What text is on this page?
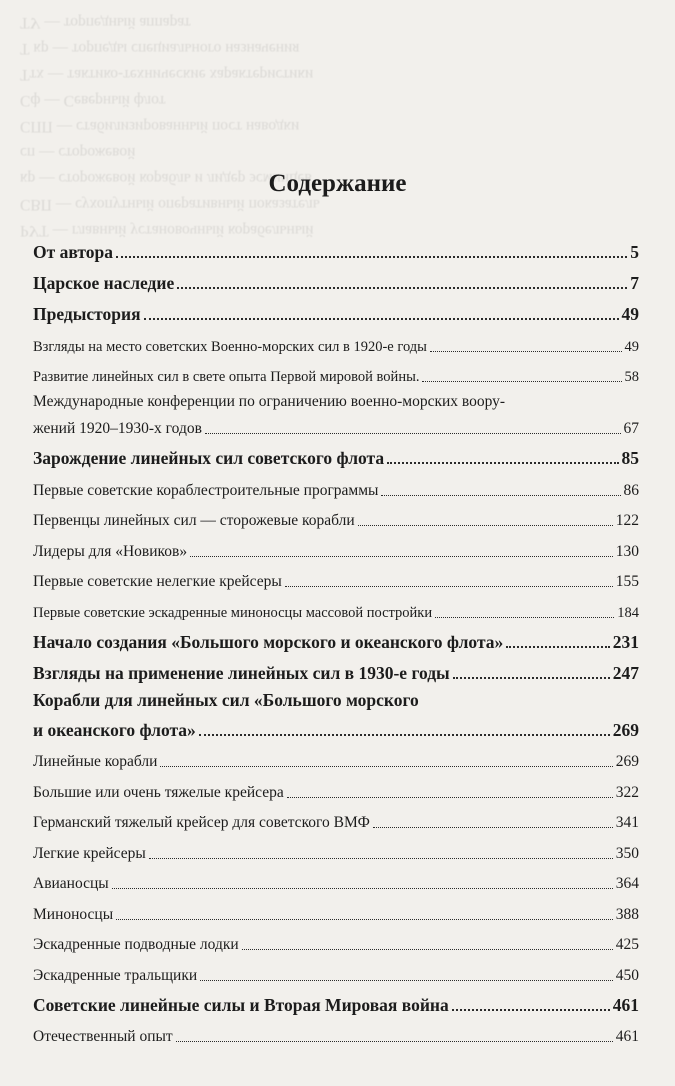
РУТ — главный установочный корабельный
СВП — сухопутный оперативный показатель
кр — сторожевой корабль и лидер эсминцев
сп — сторожевой
СПП — стабилизированный пост наводки
Сф — Северный флот
Ттх — тактико-технические характеристики
Т кр — торпеды специального назначения
ТУ — торпедный аппарат
Содержание
От автора	5
Царское наследие	7
Предыстория	49
Взгляды на место советских Военно-морских сил в 1920-е годы	49
Развитие линейных сил в свете опыта Первой мировой войны.	58
Международные конференции по ограничению военно-морских воору-
жений 1920–1930-х годов	67
Зарождение линейных сил советского флота	85
Первые советские кораблестроительные программы	86
Первенцы линейных сил — сторожевые корабли	122
Лидеры для «Новиков»	130
Первые советские нелегкие крейсеры	155
Первые советские эскадренные миноносцы массовой постройки	184
Начало создания «Большого морского и океанского флота»	231
Взгляды на применение линейных сил в 1930-е годы	247
Корабли для линейных сил «Большого морского
и океанского флота»	269
Линейные корабли	269
Большие или очень тяжелые крейсера	322
Германский тяжелый крейсер для советского ВМФ	341
Легкие крейсеры	350
Авианосцы	364
Миноносцы	388
Эскадренные подводные лодки	425
Эскадренные тральщики	450
Советские линейные силы и Вторая Мировая война	461
Отечественный опыт	461
